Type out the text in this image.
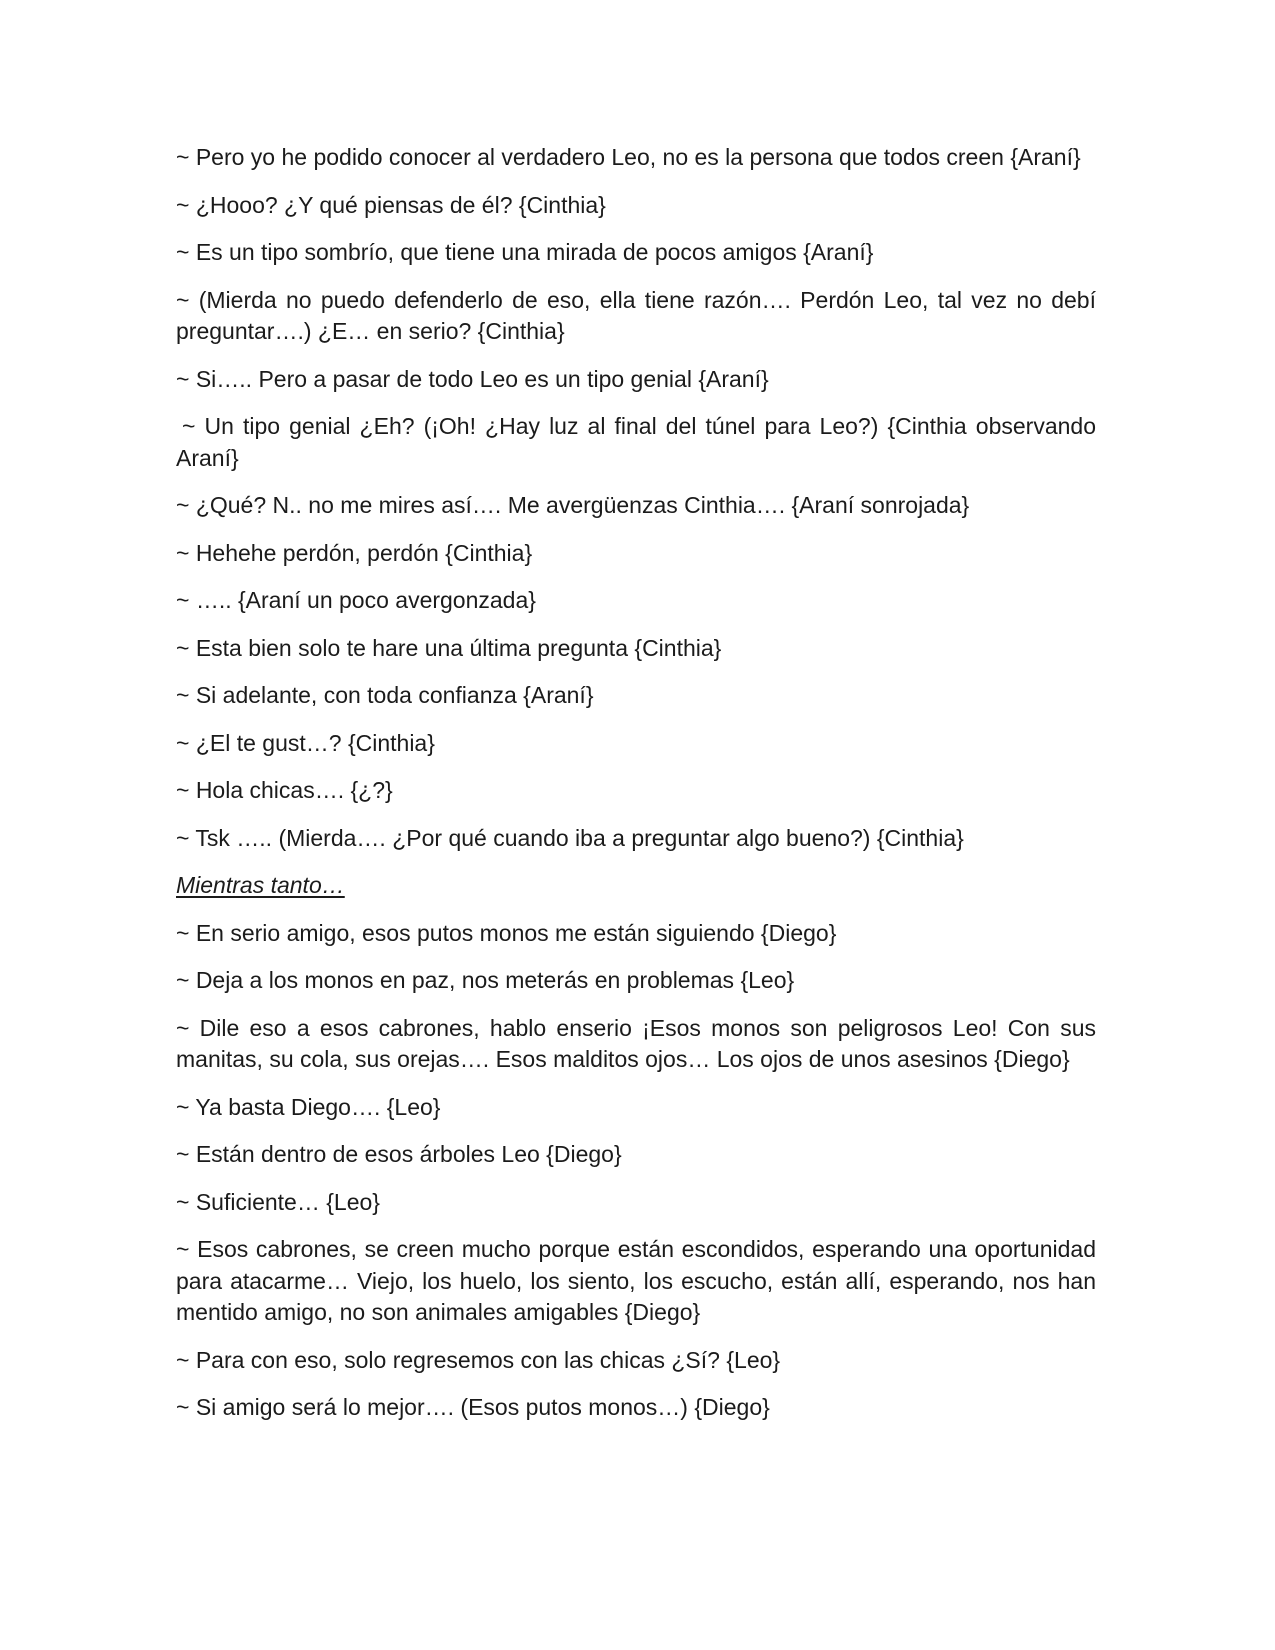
~ Pero yo he podido conocer al verdadero Leo, no es la persona que todos creen {Araní}

~ ¿Hooo? ¿Y qué piensas de él? {Cinthia}

~ Es un tipo sombrío, que tiene una mirada de pocos amigos {Araní}

~ (Mierda no puedo defenderlo de eso, ella tiene razón…. Perdón Leo, tal vez no debí preguntar….) ¿E… en serio? {Cinthia}

~ Si….. Pero a pasar de todo Leo es un tipo genial {Araní}

~ Un tipo genial ¿Eh? (¡Oh! ¿Hay luz al final del túnel para Leo?) {Cinthia observando Araní}

~ ¿Qué? N.. no me mires así…. Me avergüenzas Cinthia…. {Araní sonrojada}

~ Hehehe perdón, perdón {Cinthia}

~ ….. {Araní un poco avergonzada}

~ Esta bien solo te hare una última pregunta {Cinthia}

~ Si adelante, con toda confianza {Araní}

~ ¿El te gust…? {Cinthia}

~ Hola chicas…. {¿?}

~ Tsk ….. (Mierda…. ¿Por qué cuando iba a preguntar algo bueno?) {Cinthia}

Mientras tanto…

~ En serio amigo, esos putos monos me están siguiendo {Diego}

~ Deja a los monos en paz, nos meterás en problemas {Leo}

~ Dile eso a esos cabrones, hablo enserio ¡Esos monos son peligrosos Leo! Con sus manitas, su cola, sus orejas…. Esos malditos ojos… Los ojos de unos asesinos {Diego}

~ Ya basta Diego…. {Leo}

~ Están dentro de esos árboles Leo {Diego}

~ Suficiente… {Leo}

~ Esos cabrones, se creen mucho porque están escondidos, esperando una oportunidad para atacarme… Viejo, los huelo, los siento, los escucho, están allí, esperando, nos han mentido amigo, no son animales amigables {Diego}

~ Para con eso, solo regresemos con las chicas ¿Sí? {Leo}

~ Si amigo será lo mejor…. (Esos putos monos…) {Diego}
